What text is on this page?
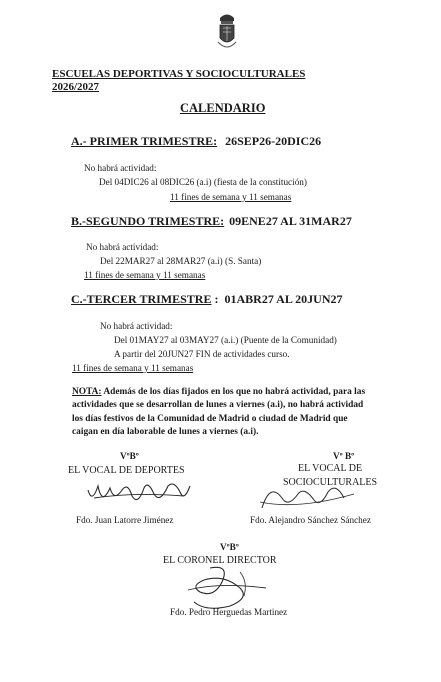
ESCUELAS DEPORTIVAS Y SOCIOCULTURALES
2026/2027
CALENDARIO
A.- PRIMER TRIMESTRE: 26SEP26-20DIC26
No habrá actividad:
Del 04DIC26 al 08DIC26 (a.i) (fiesta de la constitución)
11 fines de semana y 11 semanas
B.-SEGUNDO TRIMESTRE: 09ENE27 AL 31MAR27
No habrá actividad:
Del 22MAR27 al 28MAR27 (a.i) (S. Santa)
11 fines de semana y 11 semanas
C.-TERCER TRIMESTRE :  01ABR27 AL 20JUN27
No habrá actividad:
Del 01MAY27 al 03MAY27 (a.i.) (Puente de la Comunidad)
A partir del 20JUN27 FIN de actividades curso.
11 fines de semana y 11 semanas
NOTA: Además de los días fijados en los que no habrá actividad, para las
actividades que se desarrollan de lunes a viernes (a.i), no habrá actividad
los días festivos de la Comunidad de Madrid o ciudad de Madrid que
caigan en día laborable de lunes a viernes (a.i).
VºBº
EL VOCAL DE DEPORTES
Fdo. Juan Latorre Jiménez
Vº Bº
EL VOCAL DE
SOCIOCULTURALES
Fdo. Alejandro Sánchez Sánchez
VºBº
EL CORONEL DIRECTOR
Fdo. Pedro Herguedas Martinez
